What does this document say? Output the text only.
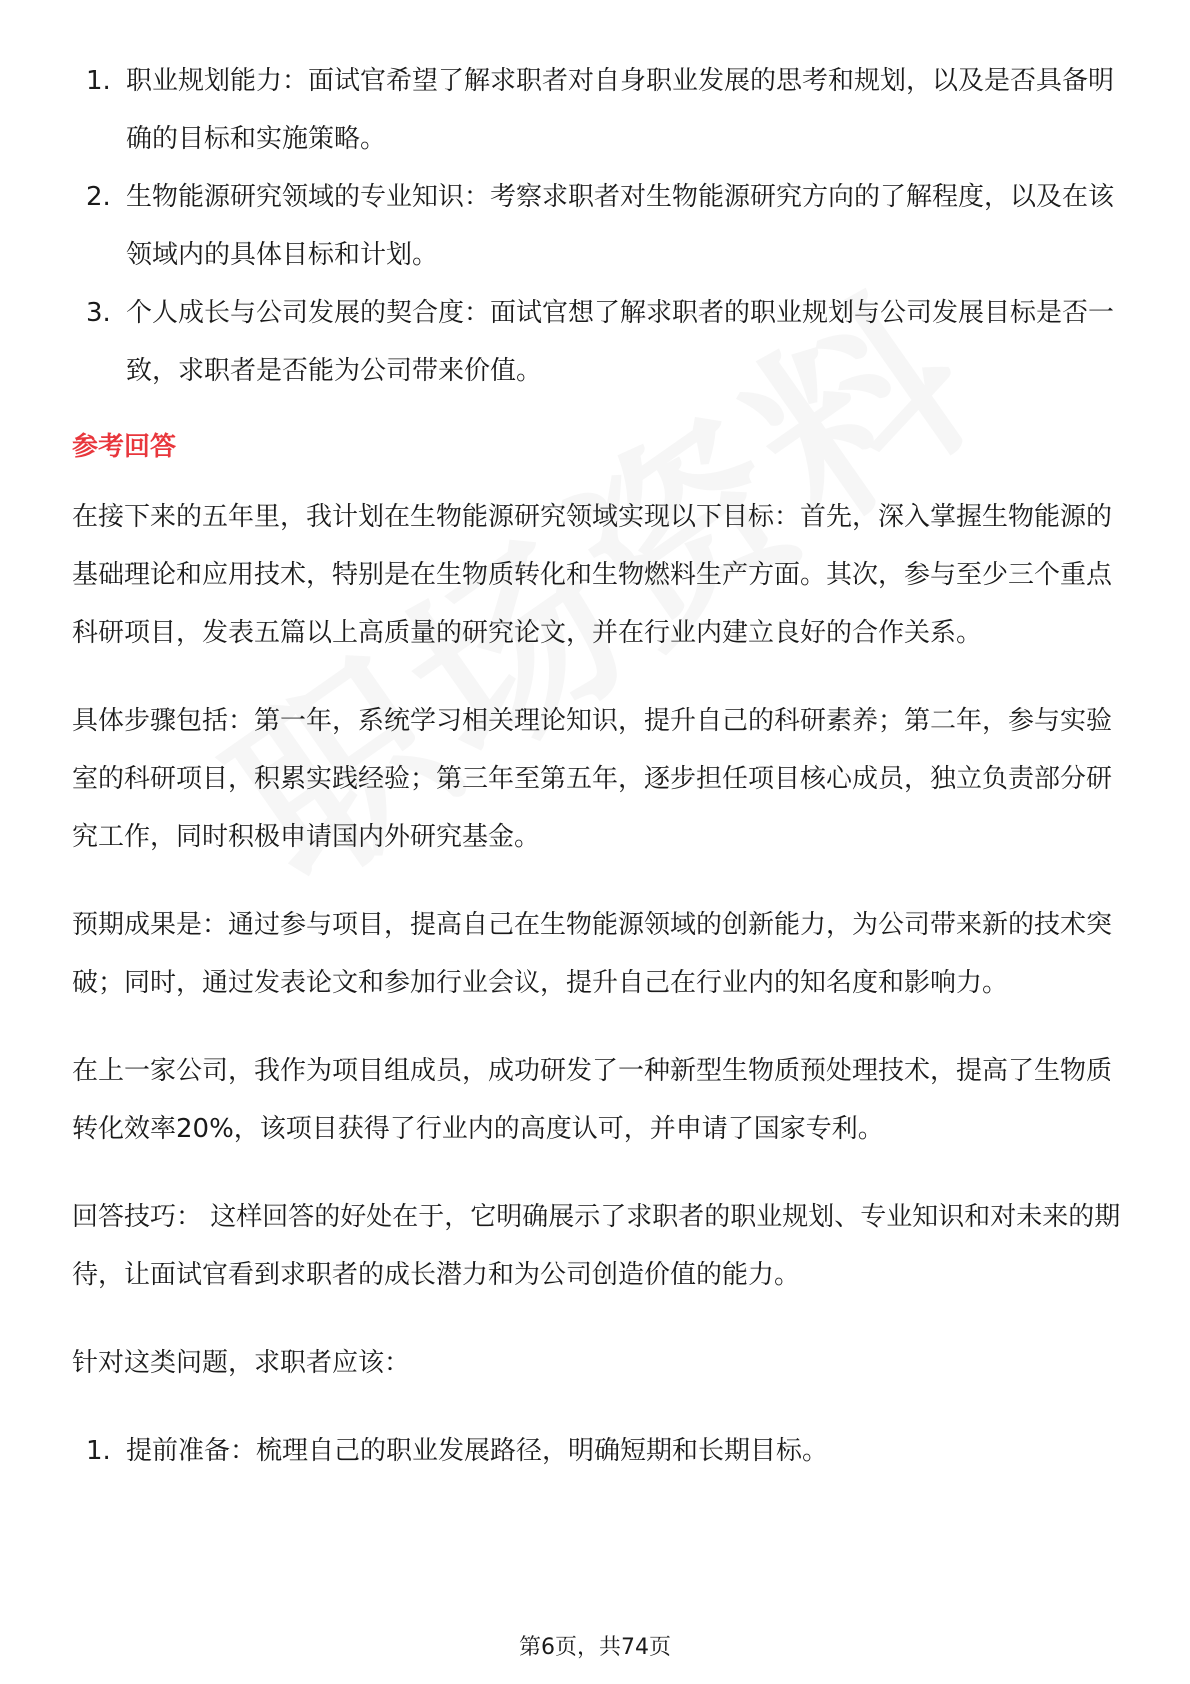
1. 职业规划能力：面试官希望了解求职者对自身职业发展的思考和规划，以及是否具备明确的目标和实施策略。
2. 生物能源研究领域的专业知识：考察求职者对生物能源研究方向的了解程度，以及在该领域内的具体目标和计划。
3. 个人成长与公司发展的契合度：面试官想了解求职者的职业规划与公司发展目标是否一致，求职者是否能为公司带来价值。
参考回答

在接下来的五年里，我计划在生物能源研究领域实现以下目标：首先，深入掌握生物能源的基础理论和应用技术，特别是在生物质转化和生物燃料生产方面。其次，参与至少三个重点科研项目，发表五篇以上高质量的研究论文，并在行业内建立良好的合作关系。

具体步骤包括：第一年，系统学习相关理论知识，提升自己的科研素养；第二年，参与实验室的科研项目，积累实践经验；第三年至第五年，逐步担任项目核心成员，独立负责部分研究工作，同时积极申请国内外研究基金。

预期成果是：通过参与项目，提高自己在生物能源领域的创新能力，为公司带来新的技术突破；同时，通过发表论文和参加行业会议，提升自己在行业内的知名度和影响力。

在上一家公司，我作为项目组成员，成功研发了一种新型生物质预处理技术，提高了生物质转化效率20%，该项目获得了行业内的高度认可，并申请了国家专利。

回答技巧： 这样回答的好处在于，它明确展示了求职者的职业规划、专业知识和对未来的期待，让面试官看到求职者的成长潜力和为公司创造价值的能力。

针对这类问题，求职者应该：

1. 提前准备：梳理自己的职业发展路径，明确短期和长期目标。
第6页，共74页
